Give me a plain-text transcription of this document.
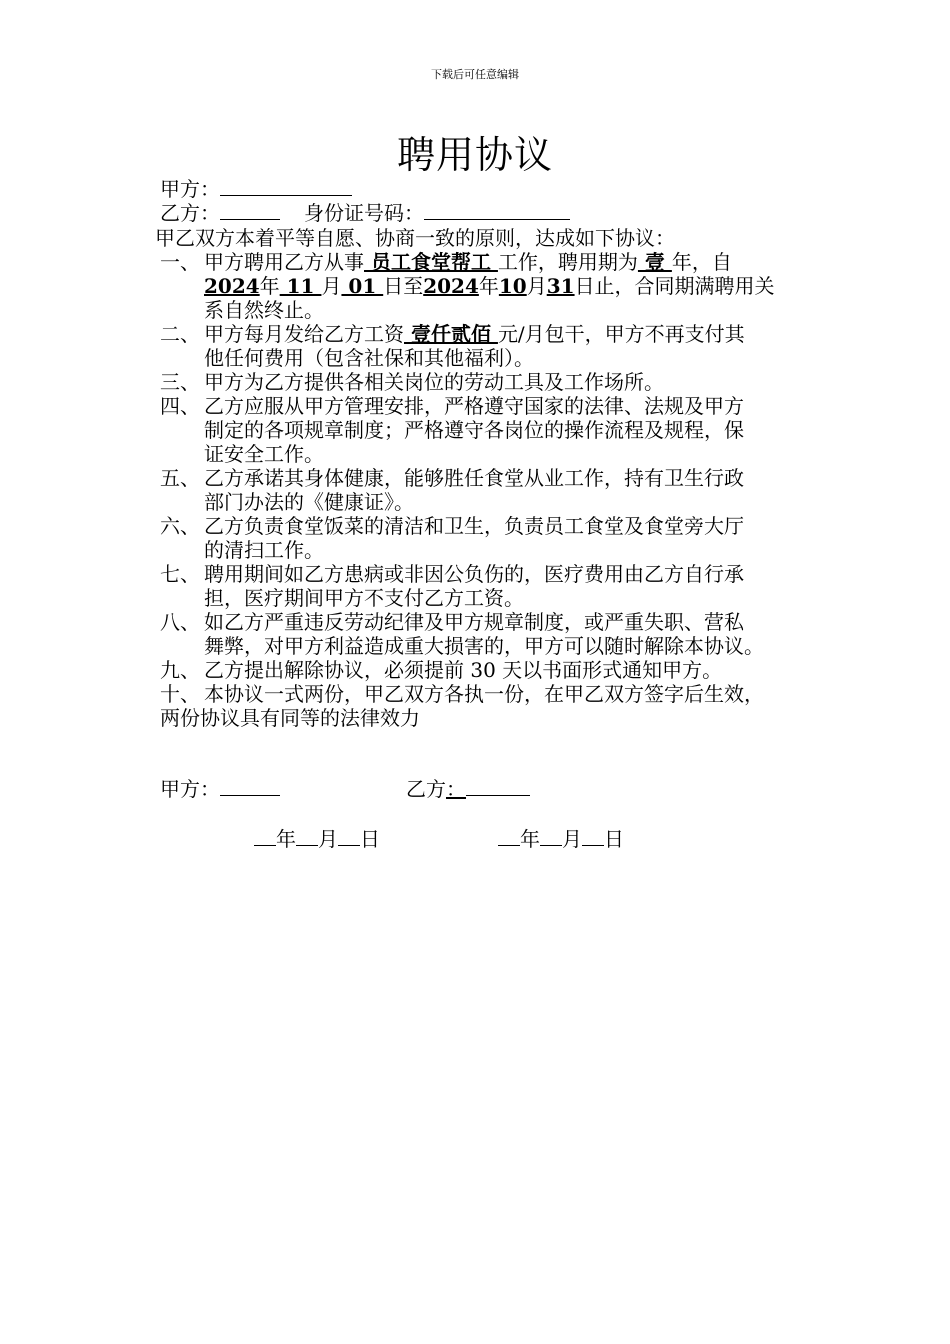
下载后可任意编辑
聘用协议
甲方：
乙方：	身份证号码：
甲乙双方本着平等自愿、协商一致的原则，达成如下协议：
一、 甲方聘用乙方从事 员工食堂帮工 工作，聘用期为 壹 年，自
2024年 11 月 01 日至2024年10月31日止，合同期满聘用关
系自然终止。
二、 甲方每月发给乙方工资 壹仟贰佰 元/月包干，甲方不再支付其
他任何费用（包含社保和其他福利）。
三、 甲方为乙方提供各相关岗位的劳动工具及工作场所。
四、 乙方应服从甲方管理安排，严格遵守国家的法律、法规及甲方
制定的各项规章制度；严格遵守各岗位的操作流程及规程，保
证安全工作。
五、 乙方承诺其身体健康，能够胜任食堂从业工作，持有卫生行政
部门办法的《健康证》。
六、 乙方负责食堂饭菜的清洁和卫生，负责员工食堂及食堂旁大厅
的清扫工作。
七、 聘用期间如乙方患病或非因公负伤的，医疗费用由乙方自行承
担，医疗期间甲方不支付乙方工资。
八、 如乙方严重违反劳动纪律及甲方规章制度，或严重失职、营私
舞弊，对甲方利益造成重大损害的，甲方可以随时解除本协议。
九、 乙方提出解除协议，必须提前 30 天以书面形式通知甲方。
十、 本协议一式两份，甲乙双方各执一份，在甲乙双方签字后生效，
两份协议具有同等的法律效力
甲方：	乙方：
年 月 日	年 月 日
